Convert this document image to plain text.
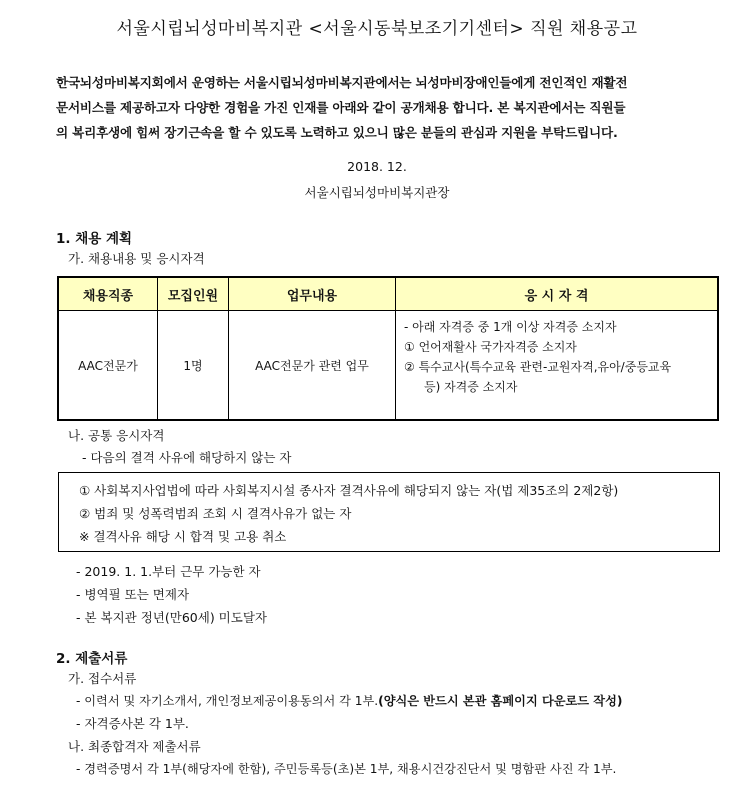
서울시립뇌성마비복지관 <서울시동북보조기기센터> 직원 채용공고
한국뇌성마비복지회에서 운영하는 서울시립뇌성마비복지관에서는 뇌성마비장애인들에게 전인적인 재활전
문서비스를 제공하고자 다양한 경험을 가진 인재를 아래와 같이 공개채용 합니다. 본 복지관에서는 직원들
의 복리후생에 힘써 장기근속을 할 수 있도록 노력하고 있으니 많은 분들의 관심과 지원을 부탁드립니다.
2018. 12.
서울시립뇌성마비복지관장
1. 채용 계획
가. 채용내용 및 응시자격
채용직종	모집인원	업무내용	응 시 자 격
AAC전문가	1명	AAC전문가 관련 업무	- 아래 자격증 중 1개 이상 자격증 소지자
① 언어재활사 국가자격증 소지자
② 특수교사(특수교육 관련-교원자격,유아/중등교육
등) 자격증 소지자
나. 공통 응시자격
- 다음의 결격 사유에 해당하지 않는 자
① 사회복지사업법에 따라 사회복지시설 종사자 결격사유에 해당되지 않는 자(법 제35조의 2제2항)
② 범죄 및 성폭력범죄 조회 시 결격사유가 없는 자
※ 결격사유 해당 시 합격 및 고용 취소
- 2019. 1. 1.부터 근무 가능한 자
- 병역필 또는 면제자
- 본 복지관 정년(만60세) 미도달자
2. 제출서류
가. 접수서류
- 이력서 및 자기소개서, 개인정보제공이용동의서 각 1부.(양식은 반드시 본관 홈페이지 다운로드 작성)
- 자격증사본 각 1부.
나. 최종합격자 제출서류
- 경력증명서 각 1부(해당자에 한함), 주민등록등(초)본 1부, 채용시건강진단서 및 명함판 사진 각 1부.
